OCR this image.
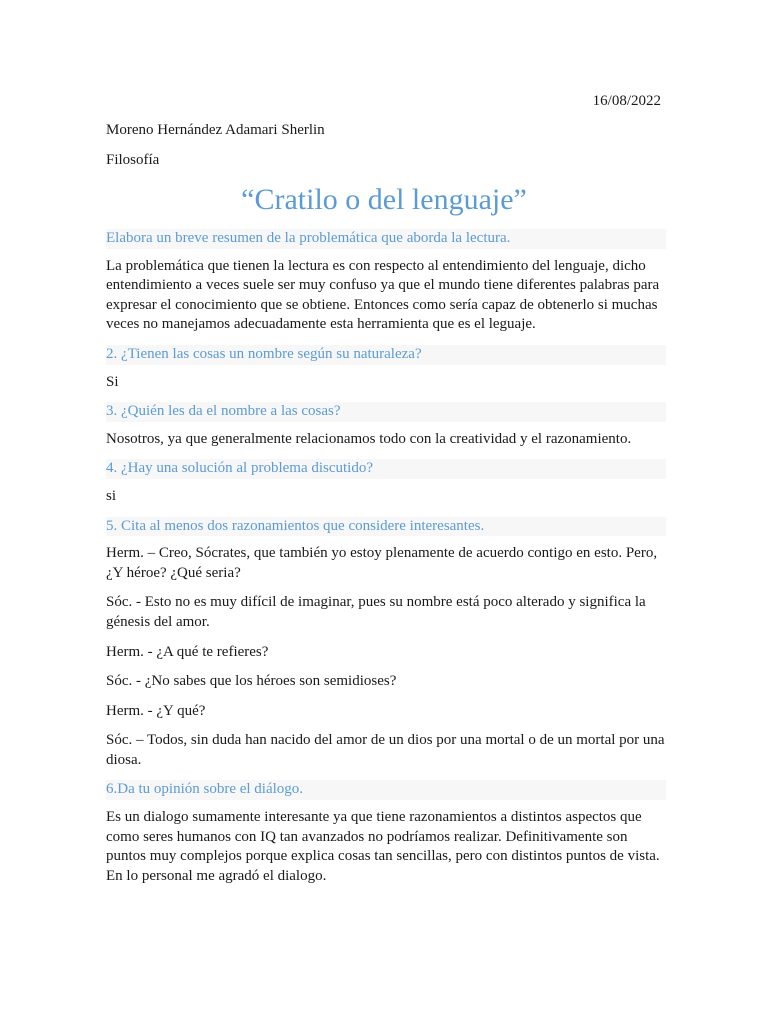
16/08/2022
Moreno Hernández Adamari Sherlin
Filosofía
“Cratilo o del lenguaje”

Elabora un breve resumen de la problemática que aborda la lectura.

La problemática que tienen la lectura es con respecto al entendimiento del lenguaje, dicho entendimiento a veces suele ser muy confuso ya que el mundo tiene diferentes palabras para expresar el conocimiento que se obtiene. Entonces como sería capaz de obtenerlo si muchas veces no manejamos adecuadamente esta herramienta que es el leguaje.

2. ¿Tienen las cosas un nombre según su naturaleza?

Si

3. ¿Quién les da el nombre a las cosas?

Nosotros, ya que generalmente relacionamos todo con la creatividad y el razonamiento.

4. ¿Hay una solución al problema discutido?

si

5. Cita al menos dos razonamientos que considere interesantes.

Herm. – Creo, Sócrates, que también yo estoy plenamente de acuerdo contigo en esto. Pero, ¿Y héroe? ¿Qué seria?

Sóc. - Esto no es muy difícil de imaginar, pues su nombre está poco alterado y significa la génesis del amor.

Herm. - ¿A qué te refieres?

Sóc. - ¿No sabes que los héroes son semidioses?

Herm. - ¿Y qué?

Sóc. – Todos, sin duda han nacido del amor de un dios por una mortal o de un mortal por una diosa.

6.Da tu opinión sobre el diálogo.

Es un dialogo sumamente interesante ya que tiene razonamientos a distintos aspectos que como seres humanos con IQ tan avanzados no podríamos realizar. Definitivamente son puntos muy complejos porque explica cosas tan sencillas, pero con distintos puntos de vista. En lo personal me agradó el dialogo.
